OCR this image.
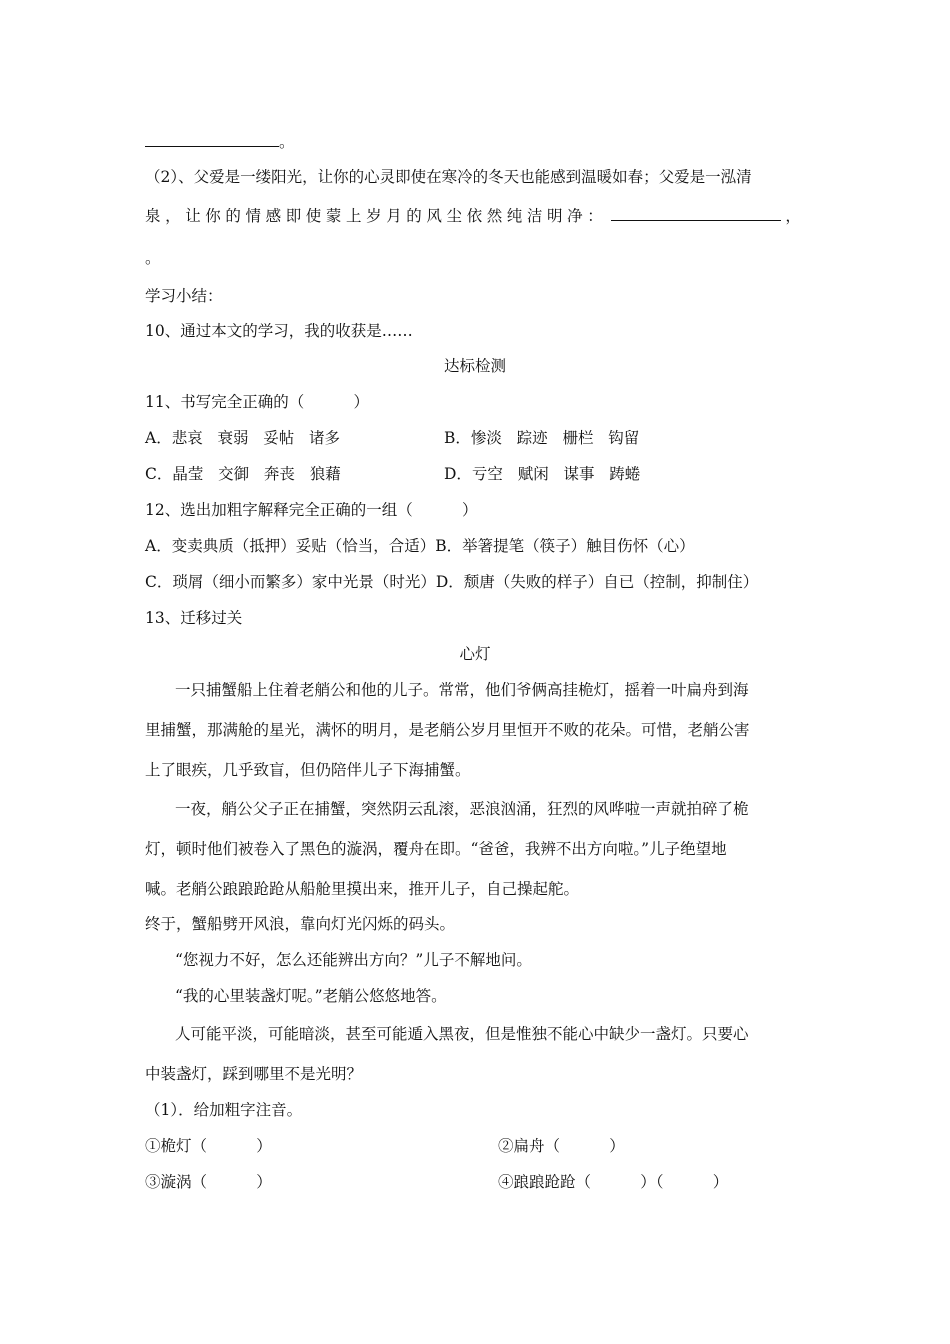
。
（2）、父爱是一缕阳光，让你的心灵即使在寒冷的冬天也能感到温暖如春；父爱是一泓清
泉，让你的情感即使蒙上岁月的风尘依然纯洁明净：	，
。
学习小结：
10、通过本文的学习，我的收获是……
达标检测
11、书写完全正确的（          ）
A．悲哀   衰弱   妥帖   诸多	B．惨淡   踪迹   栅栏   钩留
C．晶莹   交御   奔丧   狼藉	D．亏空   赋闲   谋事   踌蜷
12、选出加粗字解释完全正确的一组（          ）
A．变卖典质（抵押）妥贴（恰当，合适）B．举箸提笔（筷子）触目伤怀（心）
C．琐屑（细小而繁多）家中光景（时光）D．颓唐（失败的样子）自已（控制，抑制住）
13、迁移过关
心灯
一只捕蟹船上住着老艄公和他的儿子。常常，他们爷俩高挂桅灯，摇着一叶扁舟到海
里捕蟹，那满舱的星光，满怀的明月，是老艄公岁月里恒开不败的花朵。可惜，老艄公害
上了眼疾，几乎致盲，但仍陪伴儿子下海捕蟹。
一夜，艄公父子正在捕蟹，突然阴云乱滚，恶浪汹涌，狂烈的风哗啦一声就拍碎了桅
灯，顿时他们被卷入了黑色的漩涡，覆舟在即。“爸爸，我辨不出方向啦。”儿子绝望地
喊。老艄公踉踉跄跄从船舱里摸出来，推开儿子，自己操起舵。
终于，蟹船劈开风浪，靠向灯光闪烁的码头。
“您视力不好，怎么还能辨出方向？”儿子不解地问。
“我的心里装盏灯呢。”老艄公悠悠地答。
人可能平淡，可能暗淡，甚至可能遁入黑夜，但是惟独不能心中缺少一盏灯。只要心
中装盏灯，踩到哪里不是光明？
（1）．给加粗字注音。
①桅灯（          ）	②扁舟（          ）
③漩涡（          ）	④踉踉跄跄（          ）（          ）
